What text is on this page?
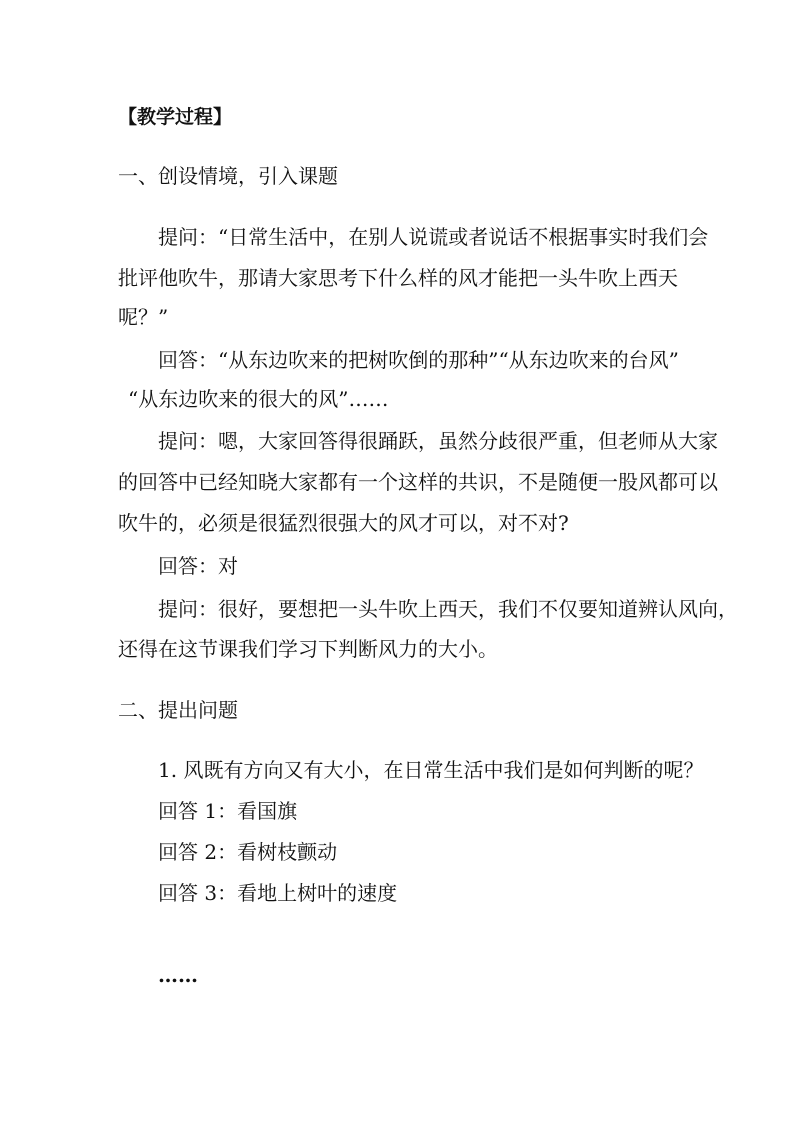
【教学过程】
一、创设情境，引入课题
提问：“日常生活中，在别人说谎或者说话不根据事实时我们会
批评他吹牛，那请大家思考下什么样的风才能把一头牛吹上西天
呢？”
回答：“从东边吹来的把树吹倒的那种”“从东边吹来的台风”
“从东边吹来的很大的风”……
提问：嗯，大家回答得很踊跃，虽然分歧很严重，但老师从大家
的回答中已经知晓大家都有一个这样的共识，不是随便一股风都可以
吹牛的，必须是很猛烈很强大的风才可以，对不对?
回答：对
提问：很好，要想把一头牛吹上西天，我们不仅要知道辨认风向，
还得在这节课我们学习下判断风力的大小。
二、提出问题
1. 风既有方向又有大小，在日常生活中我们是如何判断的呢？
回答 1：看国旗
回答 2：看树枝颤动
回答 3：看地上树叶的速度
……
